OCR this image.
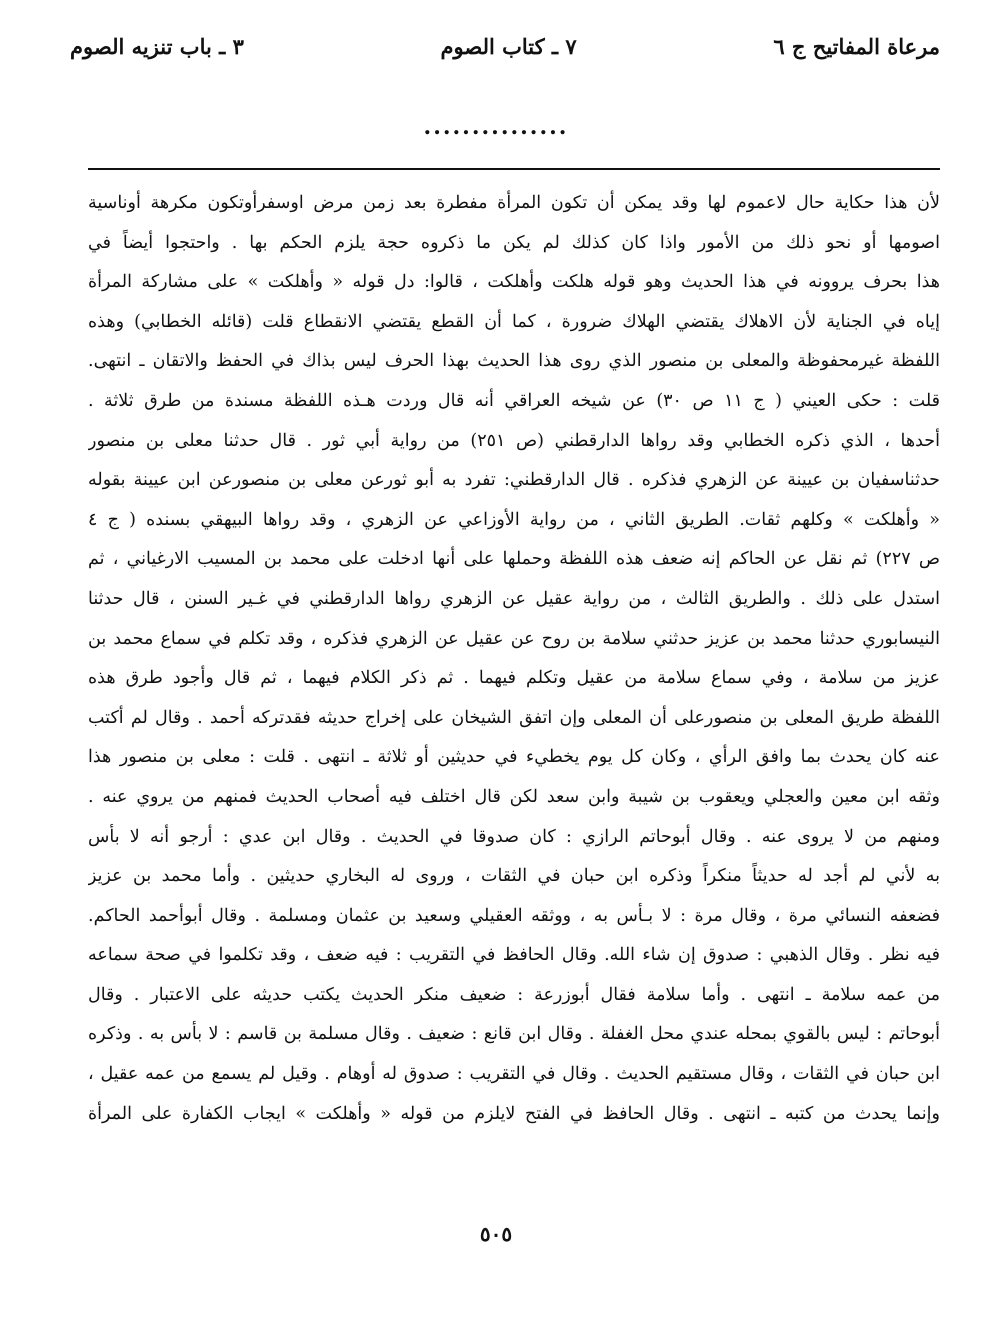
مرعاة المفاتيح ج ٦
٧ ـ كتاب الصوم
٣ ـ باب تنزيه الصوم
...............
لأن هذا حكاية حال لاعموم لها وقد يمكن أن تكون المرأة مفطرة بعد زمن مرض اوسفرأوتكون مكرهة أوناسية
اصومها أو نحو ذلك من الأمور واذا كان كذلك لم يكن ما ذكروه حجة يلزم الحكم بها . واحتجوا أيضاً في
هذا بحرف يروونه في هذا الحديث وهو قوله هلكت وأهلكت ، قالوا: دل قوله « وأهلكت » على مشاركة المرأة
إياه في الجناية لأن الاهلاك يقتضي الهلاك ضرورة ، كما أن القطع يقتضي الانقطاع قلت (قائله الخطابي) وهذه
اللفظة غيرمحفوظة والمعلى بن منصور الذي روى هذا الحديث بهذا الحرف ليس بذاك في الحفظ والاتقان ـ انتهى.
قلت : حكى العيني ( ج ١١ ص ٣٠) عن شيخه العراقي أنه قال وردت هـذه اللفظة مسندة من طرق ثلاثة .
أحدها ، الذي ذكره الخطابي وقد رواها الدارقطني (ص ٢٥١) من رواية أبي ثور . قال حدثنا معلى بن منصور
حدثناسفيان بن عيينة عن الزهري فذكره . قال الدارقطني: تفرد به أبو ثورعن معلى بن منصورعن ابن عيينة بقوله
« وأهلكت » وكلهم ثقات. الطريق الثاني ، من رواية الأوزاعي عن الزهري ، وقد رواها البيهقي بسنده ( ج ٤
ص ٢٢٧) ثم نقل عن الحاكم إنه ضعف هذه اللفظة وحملها على أنها ادخلت على محمد بن المسيب الارغياني ، ثم
استدل على ذلك . والطريق الثالث ، من رواية عقيل عن الزهري رواها الدارقطني في غـير السنن ، قال حدثنا
النيسابوري حدثنا محمد بن عزيز حدثني سلامة بن روح عن عقيل عن الزهري فذكره ، وقد تكلم في سماع محمد بن
عزيز من سلامة ، وفي سماع سلامة من عقيل وتكلم فيهما . ثم ذكر الكلام فيهما ، ثم قال وأجود طرق هذه
اللفظة طريق المعلى بن منصورعلى أن المعلى وإن اتفق الشيخان على إخراج حديثه فقدتركه أحمد . وقال لم أكتب
عنه كان يحدث بما وافق الرأي ، وكان كل يوم يخطيء في حديثين أو ثلاثة ـ انتهى . قلت : معلى بن منصور هذا
وثقه ابن معين والعجلي ويعقوب بن شيبة وابن سعد لكن قال اختلف فيه أصحاب الحديث فمنهم من يروي عنه .
ومنهم من لا يروى عنه . وقال أبوحاتم الرازي : كان صدوقا في الحديث . وقال ابن عدي : أرجو أنه لا بأس
به لأني لم أجد له حديثاً منكراً وذكره ابن حبان في الثقات ، وروى له البخاري حديثين . وأما محمد بن عزيز
فضعفه النسائي مرة ، وقال مرة : لا بـأس به ، ووثقه العقيلي وسعيد بن عثمان ومسلمة . وقال أبوأحمد الحاكم.
فيه نظر . وقال الذهبي : صدوق إن شاء الله. وقال الحافظ في التقريب : فيه ضعف ، وقد تكلموا في صحة سماعه
من عمه سلامة ـ انتهى . وأما سلامة فقال أبوزرعة : ضعيف منكر الحديث يكتب حديثه على الاعتبار . وقال
أبوحاتم : ليس بالقوي بمحله عندي محل الغفلة . وقال ابن قانع : ضعيف . وقال مسلمة بن قاسم : لا بأس به . وذكره
ابن حبان في الثقات ، وقال مستقيم الحديث . وقال في التقريب : صدوق له أوهام . وقيل لم يسمع من عمه عقيل ،
وإنما يحدث من كتبه ـ انتهى . وقال الحافظ في الفتح لايلزم من قوله « وأهلكت » ايجاب الكفارة على المرأة
٥٠٥
